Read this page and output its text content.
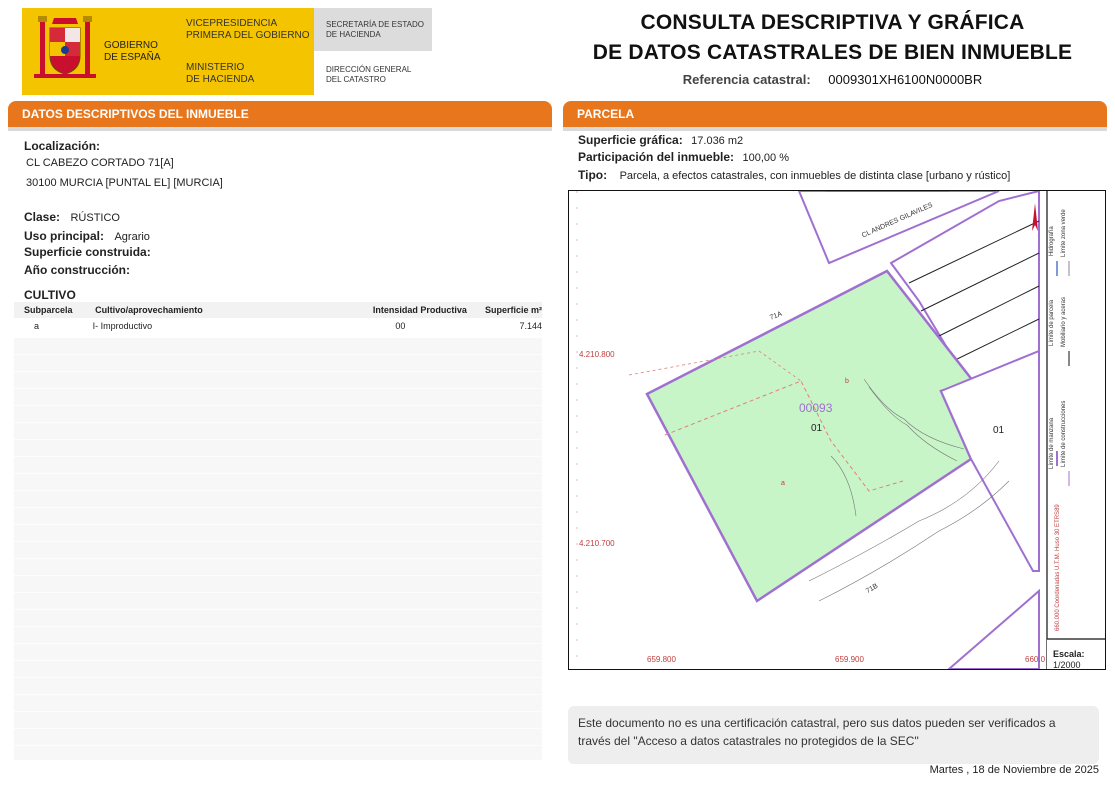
GOBIERNO
DE ESPAÑA
VICEPRESIDENCIA
PRIMERA DEL GOBIERNO
MINISTERIO
DE HACIENDA
SECRETARÍA DE ESTADO
DE HACIENDA
DIRECCIÓN GENERAL
DEL CATASTRO
CONSULTA DESCRIPTIVA Y GRÁFICA
DE DATOS CATASTRALES DE BIEN INMUEBLE
Referencia catastral: 0009301XH6100N0000BR
DATOS DESCRIPTIVOS DEL INMUEBLE
Localización:
CL CABEZO CORTADO 71[A]
30100 MURCIA [PUNTAL EL] [MURCIA]
Clase: RÚSTICO
Uso principal: Agrario
Superficie construida:
Año construcción:
CULTIVO
Subparcela	Cultivo/aprovechamiento	Intensidad Productiva	Superficie m²
a	I- Improductivo	00	7.144
PARCELA
Superficie gráfica: 17.036 m2
Participación del inmueble: 100,00 %
Tipo: Parcela, a efectos catastrales, con inmuebles de distinta clase [urbano y rústico]
CL ANDRES GILAVILES
00093
01	01
b
a
71A
71B
4.210.800
4.210.700
659.800	659.900	660.0
Límite de manzana
Límite de parcela
Hidrografía
Límite de construcciones
Mobiliario y aceras
Límite zona verde
660.000 Coordenadas U.T.M. Huso 30 ETRS89
Escala:
1/2000
Este documento no es una certificación catastral, pero sus datos pueden ser verificados a través del "Acceso a datos catastrales no protegidos de la SEC"
Martes , 18 de Noviembre de 2025
